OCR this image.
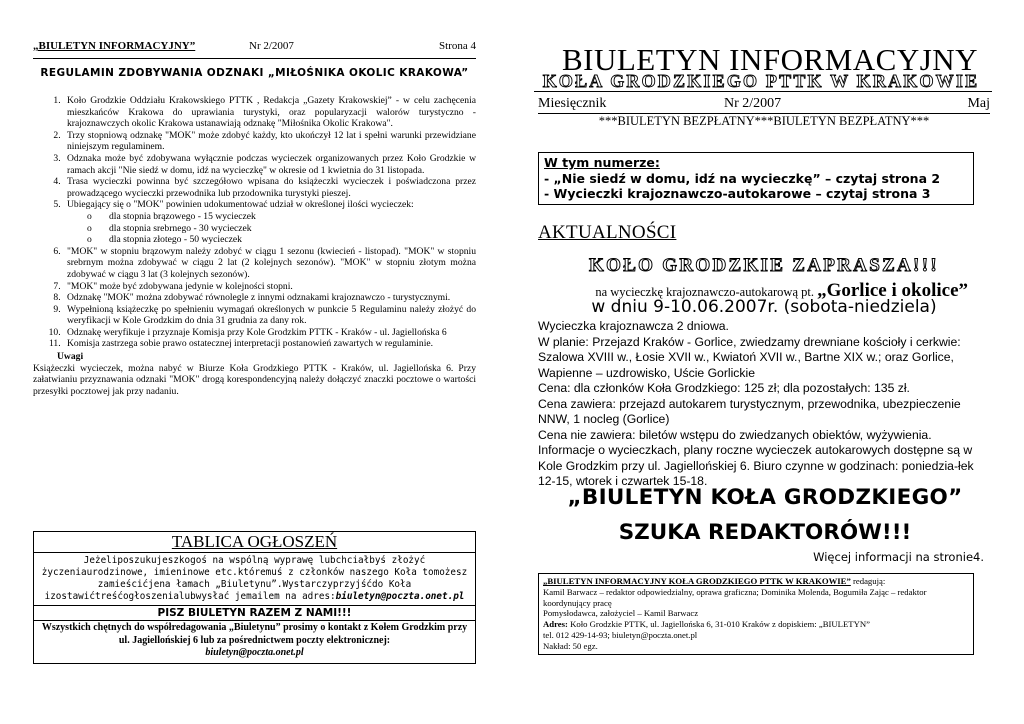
„BIULETYN INFORMACYJNY”	Nr 2/2007	Strona 4
REGULAMIN ZDOBYWANIA ODZNAKI „MIŁOŚNIKA OKOLIC KRAKOWA”
1. Koło Grodzkie Oddziału Krakowskiego PTTK , Redakcja „Gazety Krakowskiej” - w celu zachęcenia mieszkańców Krakowa do uprawiania turystyki, oraz popularyzacji walorów turystyczno - krajoznawczych okolic Krakowa ustanawiają odznakę "Miłośnika Okolic Krakowa".
2. Trzy stopniową odznakę "MOK" może zdobyć każdy, kto ukończył 12 lat i spełni warunki przewidziane niniejszym regulaminem.
3. Odznaka może być zdobywana wyłącznie podczas wycieczek organizowanych przez Koło Grodzkie w ramach akcji "Nie siedź w domu, idź na wycieczkę" w okresie od 1 kwietnia do 31 listopada.
4. Trasa wycieczki powinna być szczegółowo wpisana do książeczki wycieczek i poświadczona przez prowadzącego wycieczki przewodnika lub przodownika turystyki pieszej.
5. Ubiegający się o "MOK" powinien udokumentować udział w określonej ilości wycieczek:
o dla stopnia brązowego - 15 wycieczek
o dla stopnia srebrnego - 30 wycieczek
o dla stopnia złotego - 50 wycieczek
6. "MOK" w stopniu brązowym należy zdobyć w ciągu 1 sezonu (kwiecień - listopad). "MOK" w stopniu srebrnym można zdobywać w ciągu 2 lat (2 kolejnych sezonów). "MOK" w stopniu złotym można zdobywać w ciągu 3 lat (3 kolejnych sezonów).
7. "MOK" może być zdobywana jedynie w kolejności stopni.
8. Odznakę "MOK" można zdobywać równolegle z innymi odznakami krajoznawczo - turystycznymi.
9. Wypełnioną książeczkę po spełnieniu wymagań określonych w punkcie 5 Regulaminu należy złożyć do weryfikacji w Kole Grodzkim do dnia 31 grudnia za dany rok.
10. Odznakę weryfikuje i przyznaje Komisja przy Kole Grodzkim PTTK - Kraków - ul. Jagiellońska 6
11. Komisja zastrzega sobie prawo ostatecznej interpretacji postanowień zawartych w regulaminie.
Uwagi

Książeczki wycieczek, można nabyć w Biurze Koła Grodzkiego PTTK - Kraków, ul. Jagiellońska 6. Przy załatwianiu przyznawania odznaki "MOK" drogą korespondencyjną należy dołączyć znaczki pocztowe o wartości przesyłki pocztowej jak przy nadaniu.

TABLICA OGŁOSZEŃ
Jeżeliposzukujeszkogoś na wspólną wyprawę lubchciałbyś złożyć życzeniaurodzinowe, imieninowe etc.któremuś z członków naszego Koła tomożesz zamieścićjena łamach „Biuletynu”.Wystarczyprzyjśćdo Koła izostawićtreśćogłoszenialubwysłać jemailem na adres:biuletyn@poczta.onet.pl
PISZ BIULETYN RAZEM Z NAMI!!!
Wszystkich chętnych do współredagowania „Biuletynu” prosimy o kontakt z Kołem Grodzkim przy ul. Jagiellońskiej 6 lub za pośrednictwem poczty elektronicznej:
biuletyn@poczta.onet.pl
BIULETYN INFORMACYJNY
KOŁA GRODZKIEGO PTTK W KRAKOWIE
Miesięcznik	Nr 2/2007	Maj
***BIULETYN BEZPŁATNY***BIULETYN BEZPŁATNY***
W tym numerze:
- „Nie siedź w domu, idź na wycieczkę” – czytaj strona 2
- Wycieczki krajoznawczo-autokarowe – czytaj strona 3
AKTUALNOŚCI
KOŁO GRODZKIE ZAPRASZA!!!
na wycieczkę krajoznawczo-autokarową pt. „Gorlice i okolice”
w dniu 9-10.06.2007r. (sobota-niedziela)

Wycieczka krajoznawcza 2 dniowa.

W planie: Przejazd Kraków - Gorlice, zwiedzamy drewniane kościoły i cerkwie: Szalowa XVIII w., Łosie XVII w., Kwiatoń XVII w., Bartne XIX w.; oraz Gorlice, Wapienne – uzdrowisko, Uście Gorlickie

Cena: dla członków Koła Grodzkiego: 125 zł; dla pozostałych: 135 zł.

Cena zawiera: przejazd autokarem turystycznym, przewodnika, ubezpieczenie NNW, 1 nocleg (Gorlice)

Cena nie zawiera: biletów wstępu do zwiedzanych obiektów, wyżywienia.

Informacje o wycieczkach, plany roczne wycieczek autokarowych dostępne są w Kole Grodzkim przy ul. Jagiellońskiej 6. Biuro czynne w godzinach: poniedzia-łek 12-15, wtorek i czwartek 15-18.

„BIULETYN KOŁA GRODZKIEGO”
SZUKA REDAKTORÓW!!!
Więcej informacji na stronie4.
„BIULETYN INFORMACYJNY KOŁA GRODZKIEGO PTTK W KRAKOWIE” redagują:
Kamil Barwacz – redaktor odpowiedzialny, oprawa graficzna; Dominika Molenda, Bogumiła Zając – redaktor koordynujący pracę
Pomysłodawca, założyciel – Kamil Barwacz
Adres: Koło Grodzkie PTTK, ul. Jagiellońska 6, 31-010 Kraków z dopiskiem: „BIULETYN”
tel. 012 429-14-93; biuletyn@poczta.onet.pl
Nakład: 50 egz.
